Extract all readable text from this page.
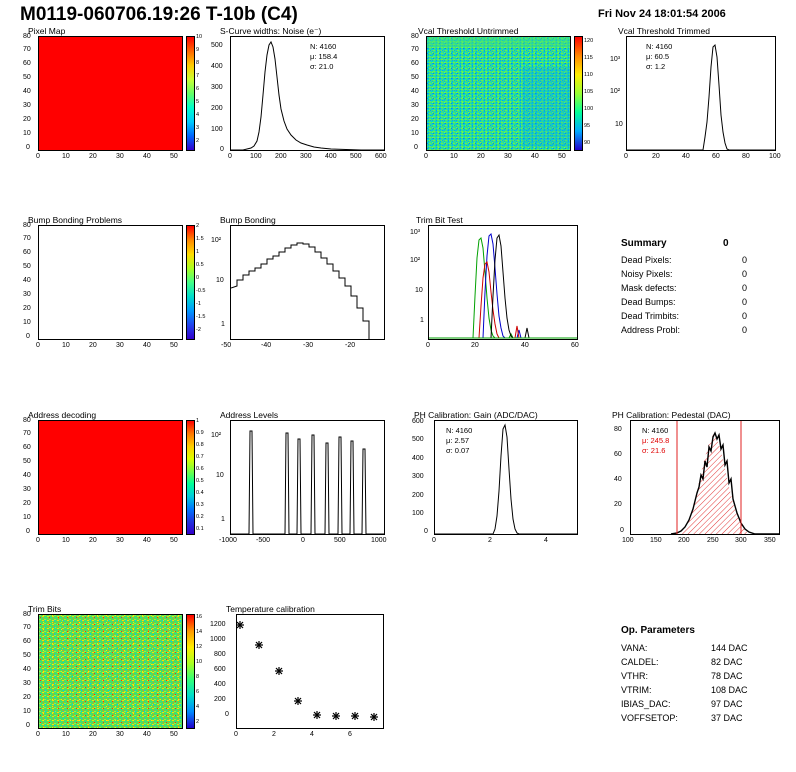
M0119-060706.19:26 T-10b (C4)	Fri Nov 24 18:01:54 2006
Pixel Map
10
9
8
7
6
5
4
3
2
80
70
60
50
40
30
20
10
0
0	10	20	30	40	50
S-Curve widths: Noise (e⁻)
N: 4160
μ: 158.4
σ: 21.0
500
400
300
200
100
0
0	100 200 300 400 500 600
Vcal Threshold Untrimmed
120
115
110
105
100
95
90
80
70
60
50
40
30
20
10
0
0	10	20	30	40	50
Vcal Threshold Trimmed
N: 4160
μ: 60.5
σ: 1.2
10³
10²
10
0	20	40	60	80	100
Bump Bonding Problems
2
1.5
1
0.5
0
-0.5
-1
-1.5
-2
80
70
60
50
40
30
20
10
0
0	10	20	30	40	50
Bump Bonding
10²
10
1
-50	-40	-30	-20
Trim Bit Test
10³
10²
10
1
0	20	40	60
Summary	0
Dead Pixels:	0
Noisy Pixels:	0
Mask defects:	0
Dead Bumps:	0
Dead Trimbits:	0
Address Probl:	0
Address decoding
1
0.9
0.8
0.7
0.6
0.5
0.4
0.3
0.2
0.1
80
70
60
50
40
30
20
10
0
0	10	20	30	40	50
Address Levels
10²
10
1
-1000	-500	0	500	1000
PH Calibration: Gain (ADC/DAC)
N: 4160
μ: 2.57
σ: 0.07
600
500
400
300
200
100
0
0	2	4
PH Calibration: Pedestal (DAC)
N: 4160
μ: 245.8
σ: 21.6
80
60
40
20
0
100 150 200 250 300 350
Trim Bits
16
14
12
10
8
6
4
2
80
70
60
50
40
30
20
10
0
0	10	20	30	40	50
Temperature calibration
1200
1000
800
600
400
200
0
0	2	4	6
Op. Parameters
VANA:	144 DAC
CALDEL:	82 DAC
VTHR:	78 DAC
VTRIM:	108 DAC
IBIAS_DAC:	97 DAC
VOFFSETOP:	37 DAC
